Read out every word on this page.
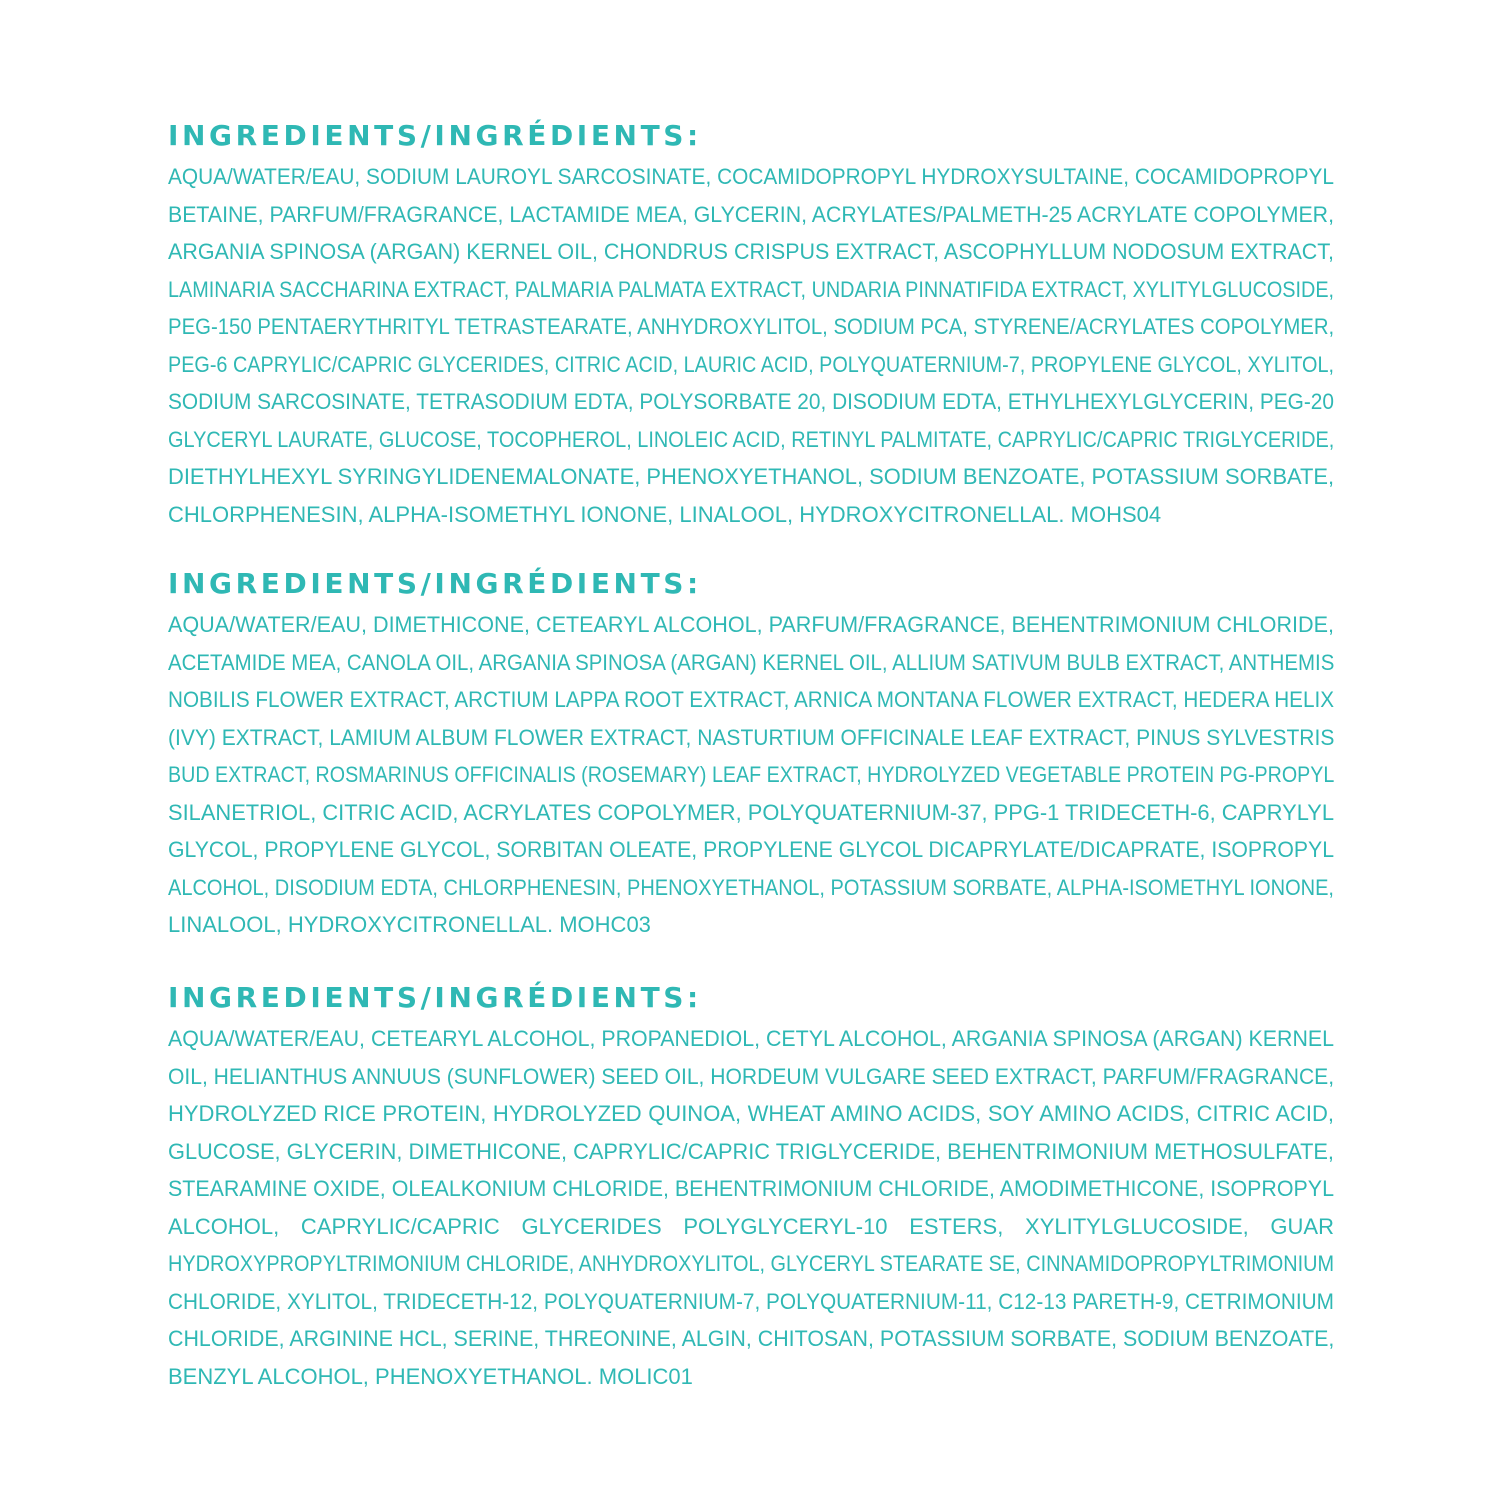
INGREDIENTS/INGRÉDIENTS:
AQUA/WATER/EAU, SODIUM LAUROYL SARCOSINATE, COCAMIDOPROPYL HYDROXYSULTAINE, COCAMIDOPROPYL
BETAINE, PARFUM/FRAGRANCE, LACTAMIDE MEA, GLYCERIN, ACRYLATES/PALMETH-25 ACRYLATE COPOLYMER,
ARGANIA SPINOSA (ARGAN) KERNEL OIL, CHONDRUS CRISPUS EXTRACT, ASCOPHYLLUM NODOSUM EXTRACT,
LAMINARIA SACCHARINA EXTRACT, PALMARIA PALMATA EXTRACT, UNDARIA PINNATIFIDA EXTRACT, XYLITYLGLUCOSIDE,
PEG-150 PENTAERYTHRITYL TETRASTEARATE, ANHYDROXYLITOL, SODIUM PCA, STYRENE/ACRYLATES COPOLYMER,
PEG-6 CAPRYLIC/CAPRIC GLYCERIDES, CITRIC ACID, LAURIC ACID, POLYQUATERNIUM-7, PROPYLENE GLYCOL, XYLITOL,
SODIUM SARCOSINATE, TETRASODIUM EDTA, POLYSORBATE 20, DISODIUM EDTA, ETHYLHEXYLGLYCERIN, PEG-20
GLYCERYL LAURATE, GLUCOSE, TOCOPHEROL, LINOLEIC ACID, RETINYL PALMITATE, CAPRYLIC/CAPRIC TRIGLYCERIDE,
DIETHYLHEXYL SYRINGYLIDENEMALONATE, PHENOXYETHANOL, SODIUM BENZOATE, POTASSIUM SORBATE,
CHLORPHENESIN, ALPHA-ISOMETHYL IONONE, LINALOOL, HYDROXYCITRONELLAL. MOHS04
INGREDIENTS/INGRÉDIENTS:
AQUA/WATER/EAU, DIMETHICONE, CETEARYL ALCOHOL, PARFUM/FRAGRANCE, BEHENTRIMONIUM CHLORIDE,
ACETAMIDE MEA, CANOLA OIL, ARGANIA SPINOSA (ARGAN) KERNEL OIL, ALLIUM SATIVUM BULB EXTRACT, ANTHEMIS
NOBILIS FLOWER EXTRACT, ARCTIUM LAPPA ROOT EXTRACT, ARNICA MONTANA FLOWER EXTRACT, HEDERA HELIX
(IVY) EXTRACT, LAMIUM ALBUM FLOWER EXTRACT, NASTURTIUM OFFICINALE LEAF EXTRACT, PINUS SYLVESTRIS
BUD EXTRACT, ROSMARINUS OFFICINALIS (ROSEMARY) LEAF EXTRACT, HYDROLYZED VEGETABLE PROTEIN PG-PROPYL
SILANETRIOL, CITRIC ACID, ACRYLATES COPOLYMER, POLYQUATERNIUM-37, PPG-1 TRIDECETH-6, CAPRYLYL
GLYCOL, PROPYLENE GLYCOL, SORBITAN OLEATE, PROPYLENE GLYCOL DICAPRYLATE/DICAPRATE, ISOPROPYL
ALCOHOL, DISODIUM EDTA, CHLORPHENESIN, PHENOXYETHANOL, POTASSIUM SORBATE, ALPHA-ISOMETHYL IONONE,
LINALOOL, HYDROXYCITRONELLAL. MOHC03
INGREDIENTS/INGRÉDIENTS:
AQUA/WATER/EAU, CETEARYL ALCOHOL, PROPANEDIOL, CETYL ALCOHOL, ARGANIA SPINOSA (ARGAN) KERNEL
OIL, HELIANTHUS ANNUUS (SUNFLOWER) SEED OIL, HORDEUM VULGARE SEED EXTRACT, PARFUM/FRAGRANCE,
HYDROLYZED RICE PROTEIN, HYDROLYZED QUINOA, WHEAT AMINO ACIDS, SOY AMINO ACIDS, CITRIC ACID,
GLUCOSE, GLYCERIN, DIMETHICONE, CAPRYLIC/CAPRIC TRIGLYCERIDE, BEHENTRIMONIUM METHOSULFATE,
STEARAMINE OXIDE, OLEALKONIUM CHLORIDE, BEHENTRIMONIUM CHLORIDE, AMODIMETHICONE, ISOPROPYL
ALCOHOL, CAPRYLIC/CAPRIC GLYCERIDES POLYGLYCERYL-10 ESTERS, XYLITYLGLUCOSIDE, GUAR
HYDROXYPROPYLTRIMONIUM CHLORIDE, ANHYDROXYLITOL, GLYCERYL STEARATE SE, CINNAMIDOPROPYLTRIMONIUM
CHLORIDE, XYLITOL, TRIDECETH-12, POLYQUATERNIUM-7, POLYQUATERNIUM-11, C12-13 PARETH-9, CETRIMONIUM
CHLORIDE, ARGININE HCL, SERINE, THREONINE, ALGIN, CHITOSAN, POTASSIUM SORBATE, SODIUM BENZOATE,
BENZYL ALCOHOL, PHENOXYETHANOL. MOLIC01
